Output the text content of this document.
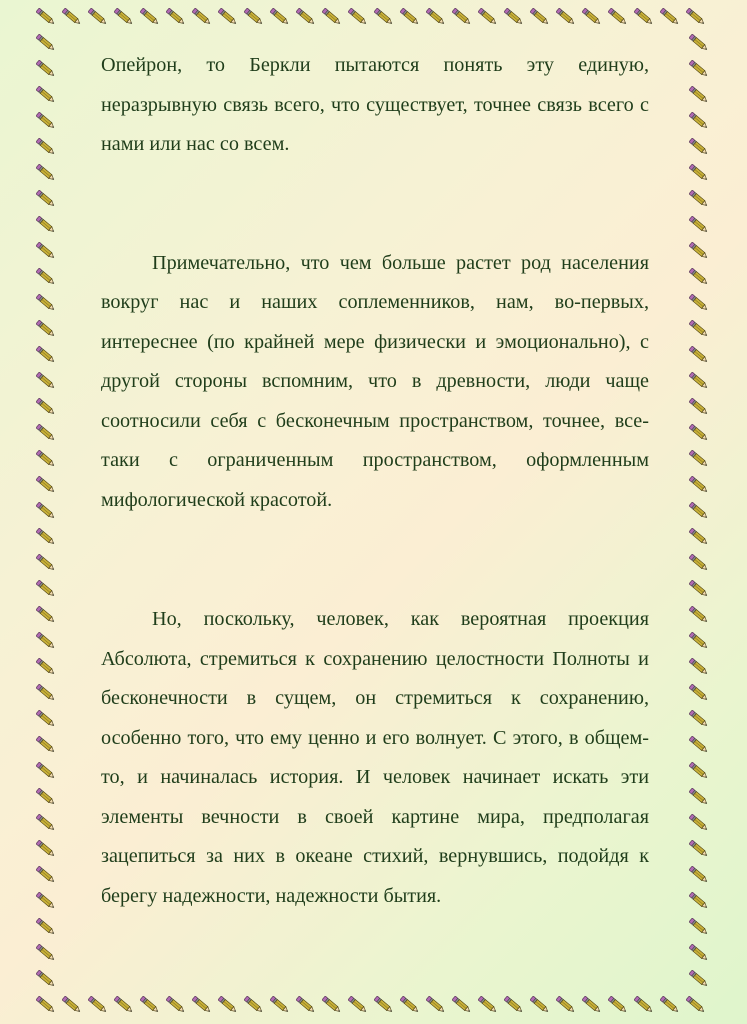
Опейрон, то Беркли пытаются понять эту единую, неразрывную связь всего, что существует, точнее связь всего с нами или нас со всем.

Примечательно, что чем больше растет род населения вокруг нас и наших соплеменников, нам, во-первых, интереснее (по крайней мере физически и эмоционально), с другой стороны вспомним, что в древности, люди чаще соотносили себя с бесконечным пространством, точнее, все-таки с ограниченным пространством, оформленным мифологической красотой.

Но, поскольку, человек, как вероятная проекция Абсолюта, стремиться к сохранению целостности Полноты и бесконечности в сущем, он стремиться к сохранению, особенно того, что ему ценно и его волнует. С этого, в общем-то, и начиналась история. И человек начинает искать эти элементы вечности в своей картине мира, предполагая зацепиться за них в океане стихий, вернувшись, подойдя к берегу надежности, надежности бытия.
